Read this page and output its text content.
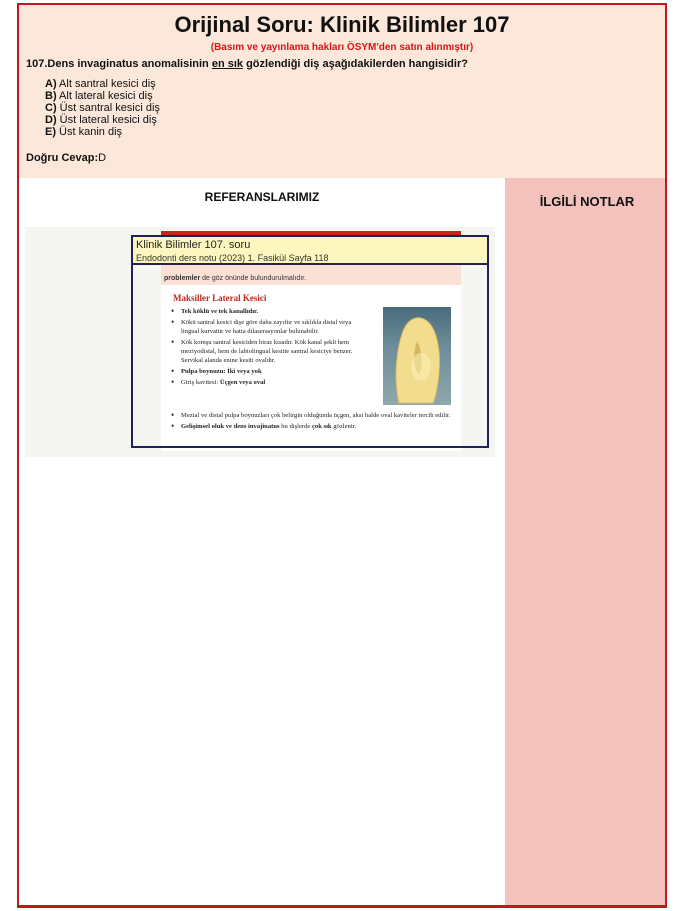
Orijinal Soru: Klinik Bilimler 107
(Basım ve yayınlama hakları ÖSYM'den satın alınmıştır)
107.Dens invaginatus anomalisinin en sık gözlendiği diş aşağıdakilerden hangisidir?
A) Alt santral kesici diş
B) Alt lateral kesici diş
C) Üst santral kesici diş
D) Üst lateral kesici diş
E) Üst kanin diş
Doğru Cevap:D
REFERANSLARIMIZ	İLGİLİ NOTLAR
problemler de göz önünde bulundurulmalıdır.
Maksiller Lateral Kesici
• Tek köklü ve tek kanallıdır.
• Kökü santral kesici dişe göre daha zayıftır ve sıklıkla distal veya lingual kurvatür ve hatta dilaserasyonlar bulunabilir.
• Kök komşu santral kesiciden biraz kısadır. Kök kanal şekli hem meziyodistal, hem de labiolingual kesitte santral kesiciye benzer. Servikal alanda enine kesiti ovaldir.
• Pulpa boynuzu: İki veya yok
• Giriş kavitesi: Üçgen veya oval
• Mezial ve distal pulpa boynuzları çok belirgin olduğunda üçgen, aksi halde oval kaviteler tercih edilir.
• Gelişimsel oluk ve dens invajinatus bu dişlerde çok sık gözlenir.
Klinik Bilimler 107. soru
Endodonti ders notu (2023) 1. Fasikül Sayfa 118
